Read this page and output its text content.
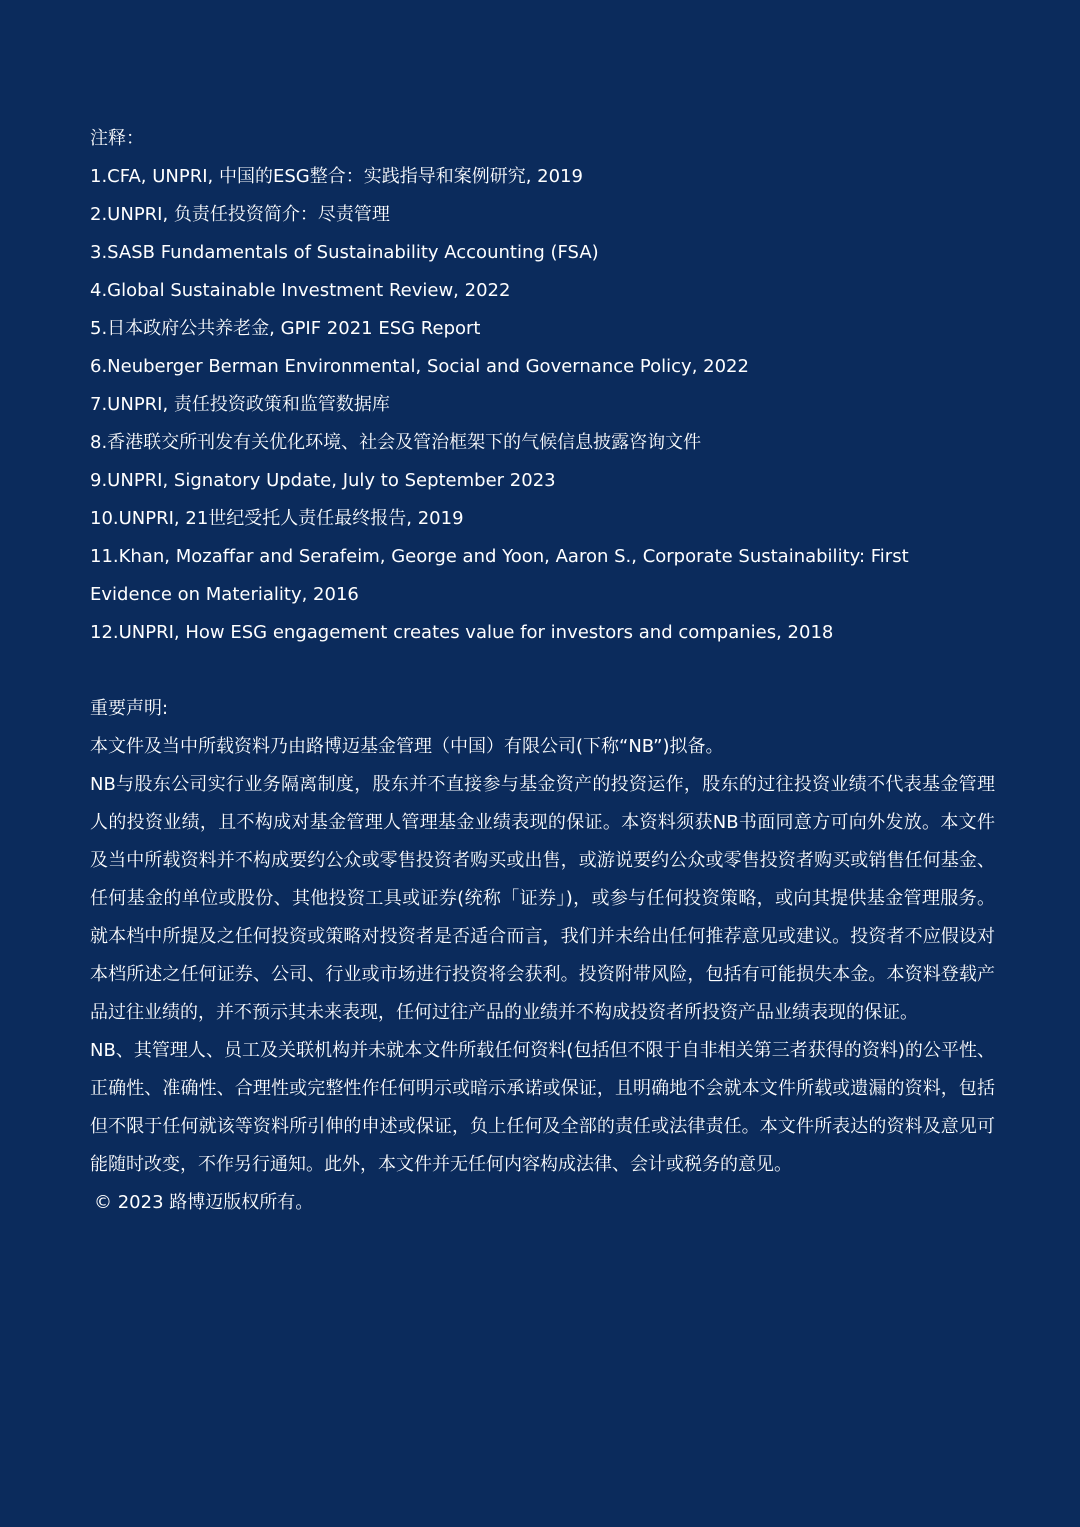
注释：

1.CFA, UNPRI, 中国的ESG整合：实践指导和案例研究, 2019
2.UNPRI, 负责任投资简介：尽责管理
3.SASB Fundamentals of Sustainability Accounting (FSA)
4.Global Sustainable Investment Review, 2022
5.日本政府公共养老金, GPIF 2021 ESG Report
6.Neuberger Berman Environmental, Social and Governance Policy, 2022
7.UNPRI, 责任投资政策和监管数据库
8.香港联交所刊发有关优化环境、社会及管治框架下的气候信息披露咨询文件
9.UNPRI, Signatory Update, July to September 2023
10.UNPRI, 21世纪受托人责任最终报告, 2019
11.Khan, Mozaffar and Serafeim, George and Yoon, Aaron S., Corporate Sustainability: First Evidence on Materiality, 2016
12.UNPRI, How ESG engagement creates value for investors and companies, 2018

重要声明:

本文件及当中所载资料乃由路博迈基金管理（中国）有限公司(下称“NB”)拟备。

NB与股东公司实行业务隔离制度，股东并不直接参与基金资产的投资运作，股东的过往投资业绩不代表基金管理人的投资业绩，且不构成对基金管理人管理基金业绩表现的保证。本资料须获NB书面同意方可向外发放。本文件及当中所载资料并不构成要约公众或零售投资者购买或出售，或游说要约公众或零售投资者购买或销售任何基金、任何基金的单位或股份、其他投资工具或证券(统称「证券」)，或参与任何投资策略，或向其提供基金管理服务。就本档中所提及之任何投资或策略对投资者是否适合而言，我们并未给出任何推荐意见或建议。投资者不应假设对本档所述之任何证券、公司、行业或市场进行投资将会获利。投资附带风险，包括有可能损失本金。本资料登载产品过往业绩的，并不预示其未来表现，任何过往产品的业绩并不构成投资者所投资产品业绩表现的保证。

NB、其管理人、员工及关联机构并未就本文件所载任何资料(包括但不限于自非相关第三者获得的资料)的公平性、正确性、准确性、合理性或完整性作任何明示或暗示承诺或保证，且明确地不会就本文件所载或遗漏的资料，包括但不限于任何就该等资料所引伸的申述或保证，负上任何及全部的责任或法律责任。本文件所表达的资料及意见可能随时改变，不作另行通知。此外，本文件并无任何内容构成法律、会计或税务的意见。

© 2023 路博迈版权所有。
